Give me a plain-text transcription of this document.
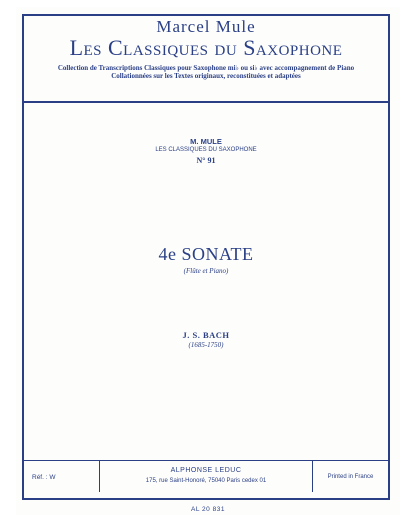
Marcel Mule
Les Classiques du Saxophone
Collection de Transcriptions Classiques pour Saxophone mi♭ ou si♭ avec accompagnement de Piano
Collationnées sur les Textes originaux, reconstituées et adaptées
M. MULE
LES CLASSIQUES DU SAXOPHONE
N° 91
4e SONATE
(Flûte et Piano)
J. S. BACH
(1685-1750)
Réf. : W
ALPHONSE LEDUC
175, rue Saint-Honoré, 75040 Paris cedex 01
Printed in France
AL 20 831
